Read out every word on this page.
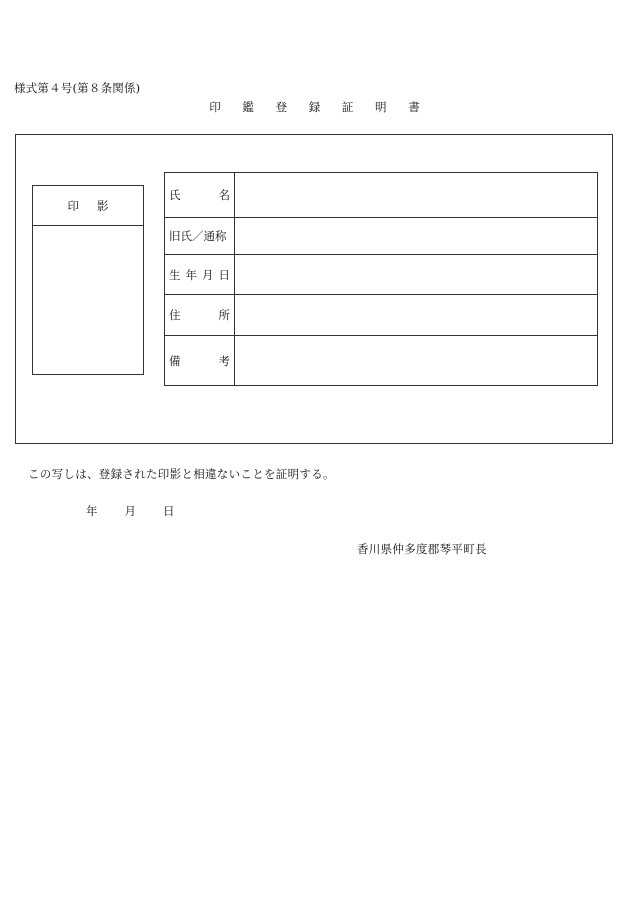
様式第４号(第８条関係)
印 鑑 登 録 証 明 書
印影
氏	名
旧氏／通称
生 年 月 日
住	所
備	考
この写しは、登録された印影と相違ないことを証明する。
年 月 日
香川県仲多度郡琴平町長
